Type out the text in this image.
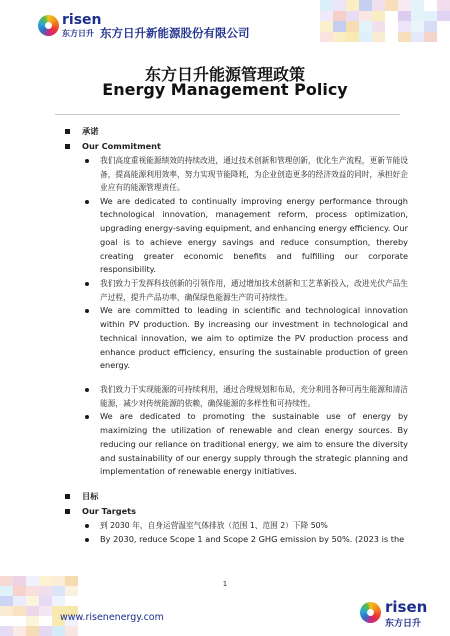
risen
东方日升 东方日升新能源股份有限公司
东方日升能源管理政策
Energy Management Policy
承诺
Our Commitment
我们高度重视能源绩效的持续改进，通过技术创新和管理创新，优化生产流程，更新节能设备，提高能源利用效率，努力实现节能降耗，为企业创造更多的经济效益的同时，承担好企业应有的能源管理责任。
We are dedicated to continually improving energy performance through technological innovation, management reform, process optimization, upgrading energy-saving equipment, and enhancing energy efficiency. Our goal is to achieve energy savings and reduce consumption, thereby creating greater economic benefits and fulfilling our corporate responsibility.
我们致力于发挥科技创新的引领作用，通过增加技术创新和工艺革新投入，改进光伏产品生产过程，提升产品功率，确保绿色能源生产的可持续性。
We are committed to leading in scientific and technological innovation within PV production. By increasing our investment in technological and technical innovation, we aim to optimize the PV production process and enhance product efficiency, ensuring the sustainable production of green energy.
我们致力于实现能源的可持续利用，通过合理规划和布局，充分利用各种可再生能源和清洁能源，减少对传统能源的依赖，确保能源的多样性和可持续性。
We are dedicated to promoting the sustainable use of energy by maximizing the utilization of renewable and clean energy sources. By reducing our reliance on traditional energy, we aim to ensure the diversity and sustainability of our energy supply through the strategic planning and implementation of renewable energy initiatives.
目标
Our Targets
到 2030 年，自身运营温室气体排放（范围 1、范围 2）下降 50%
By 2030, reduce Scope 1 and Scope 2 GHG emission by 50%. (2023 is the
1
www.risenenergy.com
risen
东方日升
